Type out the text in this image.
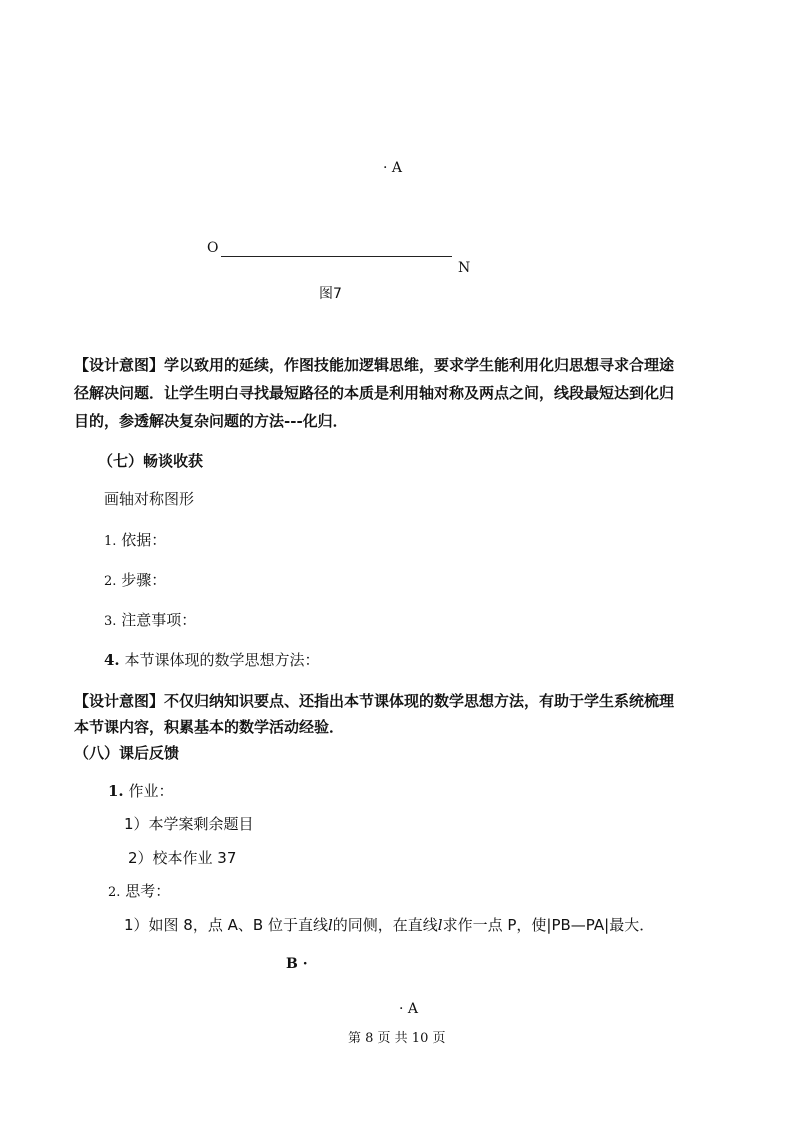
· A
O
N
图7
【设计意图】学以致用的延续，作图技能加逻辑思维，要求学生能利用化归思想寻求合理途
径解决问题．让学生明白寻找最短路径的本质是利用轴对称及两点之间，线段最短达到化归
目的，参透解决复杂问题的方法---化归．
（七）畅谈收获
画轴对称图形
1. 依据：
2. 步骤：
3. 注意事项：
4. 本节课体现的数学思想方法：
【设计意图】不仅归纳知识要点、还指出本节课体现的数学思想方法，有助于学生系统梳理
本节课内容，积累基本的数学活动经验．
（八）课后反馈
1. 作业：
1）本学案剩余题目
2）校本作业 37
2. 思考：
1）如图 8，点 A、B 位于直线l的同侧，在直线l求作一点 P，使|PB—PA|最大．
B ·
· A
第 8 页 共 10 页
